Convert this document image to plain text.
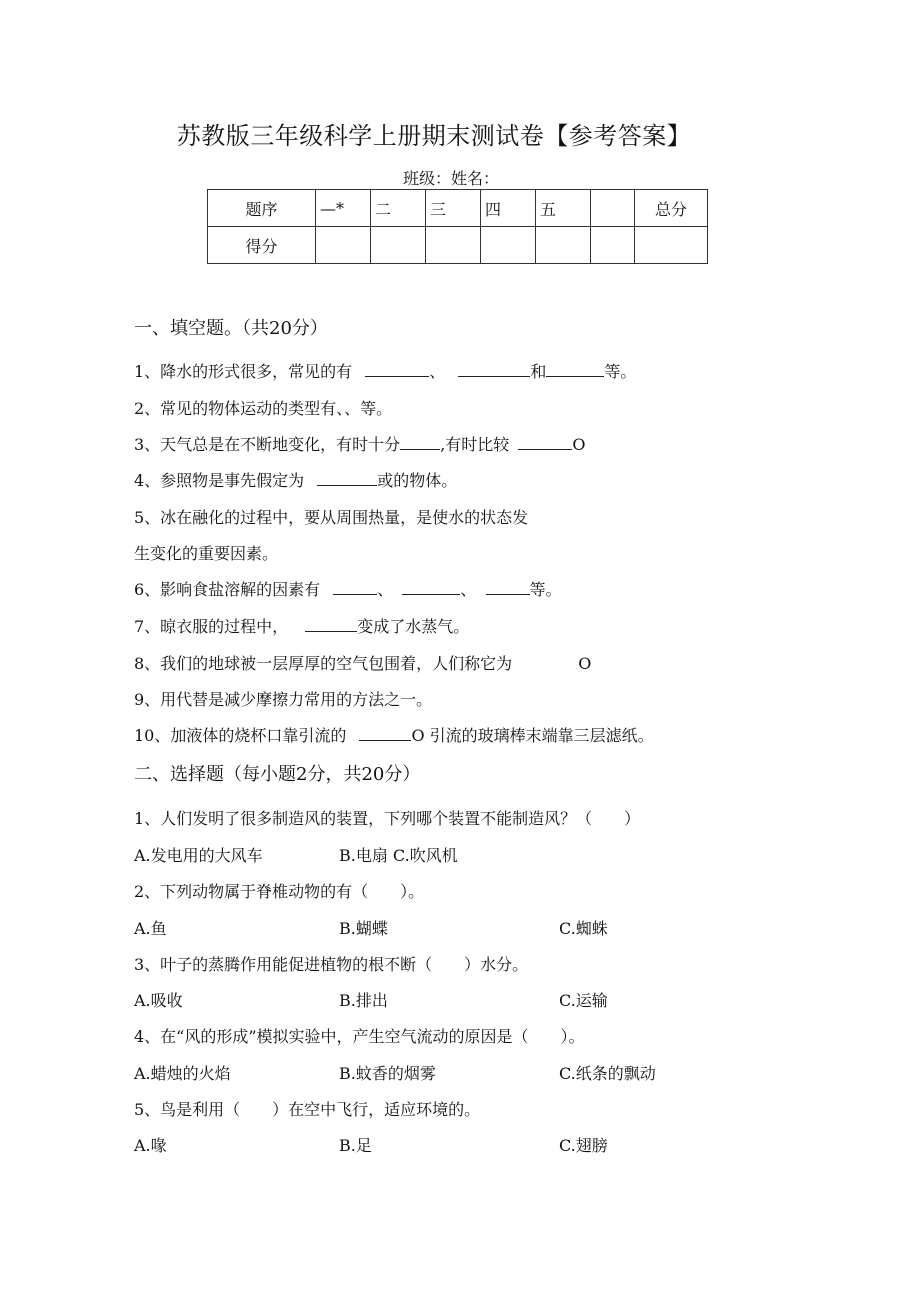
苏教版三年级科学上册期末测试卷【参考答案】
班级：姓名：
题序	—*	二	三	四	五		总分
得分							
一、填空题。（共20分）
1、降水的形式很多，常见的有	、	和	等。
2、常见的物体运动的类型有、、等。
3、天气总是在不断地变化，有时十分	,有时比较	O
4、参照物是事先假定为	或的物体。
5、冰在融化的过程中，要从周围热量，是使水的状态发
生变化的重要因素。
6、影响食盐溶解的因素有	、	、	等。
7、晾衣服的过程中，	变成了水蒸气。
8、我们的地球被一层厚厚的空气包围着，人们称它为	O
9、用代替是减少摩擦力常用的方法之一。
10、加液体的烧杯口靠引流的	O 引流的玻璃棒末端靠三层滤纸。
二、选择题（每小题2分，共20分）
1、人们发明了很多制造风的装置，下列哪个装置不能制造风？（　　）
A.发电用的大风车	B.电扇 C.吹风机
2、下列动物属于脊椎动物的有（　　）。
A.鱼	B.蝴蝶	C.蜘蛛
3、叶子的蒸腾作用能促进植物的根不断（　　）水分。
A.吸收	B.排出	C.运输
4、在“风的形成”模拟实验中，产生空气流动的原因是（　　）。
A.蜡烛的火焰	B.蚊香的烟雾	C.纸条的飘动
5、鸟是利用（　　）在空中飞行，适应环境的。
A.喙	B.足	C.翅膀
